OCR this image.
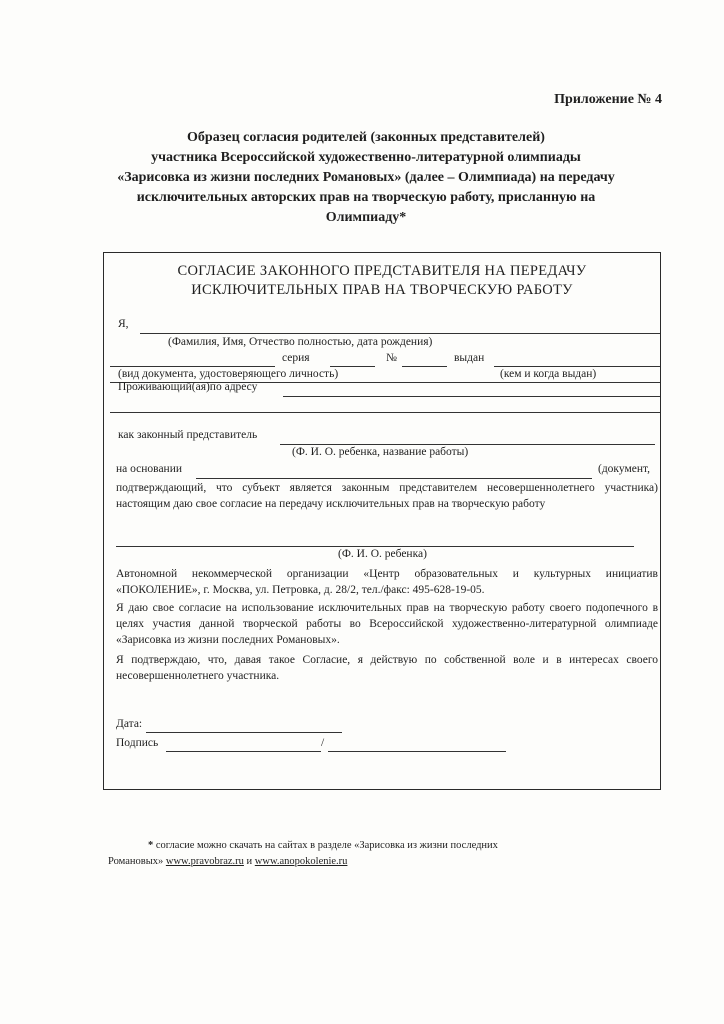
Приложение № 4
Образец согласия родителей (законных представителей)
участника Всероссийской художественно-литературной олимпиады
«Зарисовка из жизни последних Романовых» (далее – Олимпиада) на передачу
исключительных авторских прав на творческую работу, присланную на
Олимпиаду*
СОГЛАСИЕ ЗАКОННОГО ПРЕДСТАВИТЕЛЯ НА ПЕРЕДАЧУ
ИСКЛЮЧИТЕЛЬНЫХ ПРАВ НА ТВОРЧЕСКУЮ РАБОТУ
Я,
(Фамилия, Имя, Отчество полностью, дата рождения)
серия	№	выдан
(вид документа, удостоверяющего личность)	(кем и когда выдан)
Проживающий(ая)по адресу
как законный представитель
(Ф. И. О. ребенка, название работы)
на основании	(документ,
подтверждающий, что субъект является законным представителем несовершеннолетнего участника) настоящим даю свое согласие на передачу исключительных прав на творческую работу
(Ф. И. О. ребенка)
Автономной некоммерческой организации «Центр образовательных и культурных инициатив «ПОКОЛЕНИЕ», г. Москва, ул. Петровка, д. 28/2, тел./факс: 495-628-19-05.
Я даю свое согласие на использование исключительных прав на творческую работу своего подопечного в целях участия данной творческой работы во Всероссийской художественно-литературной олимпиаде «Зарисовка из жизни последних Романовых».
Я подтверждаю, что, давая такое Согласие, я действую по собственной воле и в интересах своего несовершеннолетнего участника.
Дата:
Подпись	/
* согласие можно скачать на сайтах в разделе «Зарисовка из жизни последних
Романовых» www.pravobraz.ru и www.anopokolenie.ru
